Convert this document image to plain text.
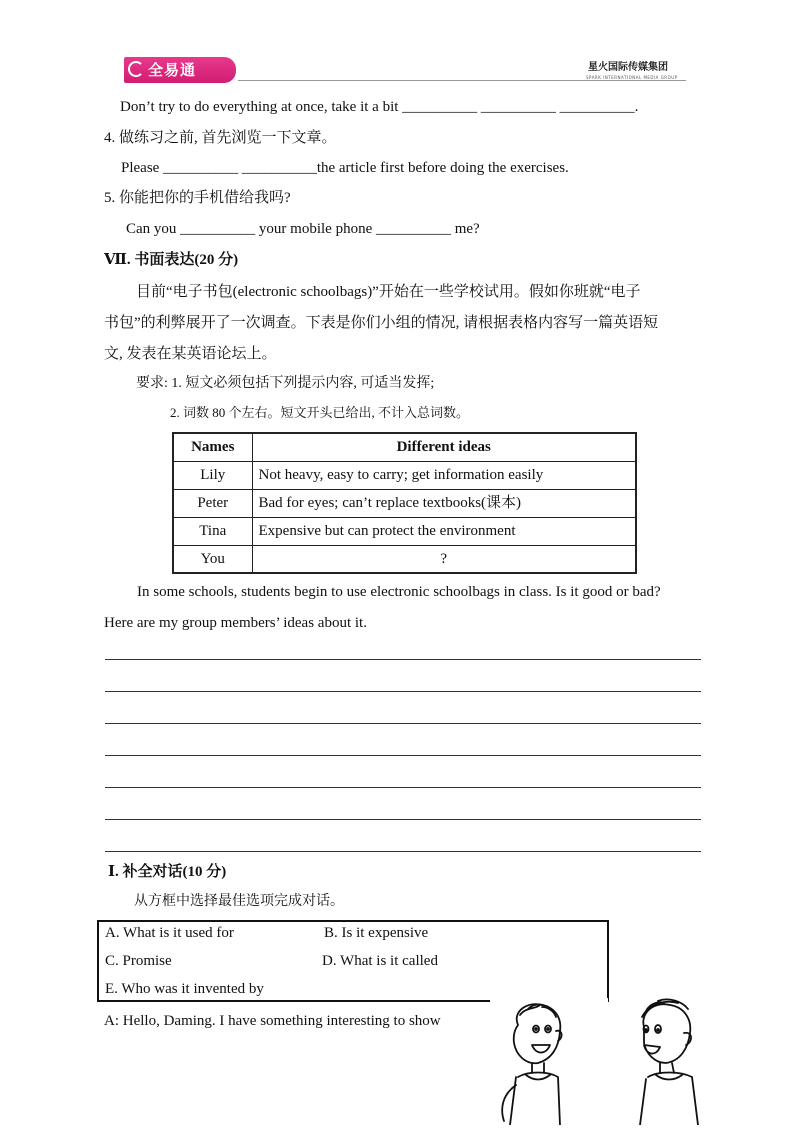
全易通	星火国际传媒集团
SPARK INTERNATIONAL MEDIA GROUP
Don’t try to do everything at once, take it a bit __________ __________ __________.
4. 做练习之前, 首先浏览一下文章。
Please __________ __________the article first before doing the exercises.
5. 你能把你的手机借给我吗?
Can you __________ your mobile phone __________ me?
Ⅶ. 书面表达(20 分)
目前“电子书包(electronic schoolbags)”开始在一些学校试用。假如你班就“电子
书包”的利弊展开了一次调查。下表是你们小组的情况, 请根据表格内容写一篇英语短
文, 发表在某英语论坛上。
要求: 1. 短文必须包括下列提示内容, 可适当发挥;
2. 词数 80 个左右。短文开头已给出, 不计入总词数。
Names	Different ideas
Lily	Not heavy, easy to carry; get information easily
Peter	Bad for eyes; can’t replace textbooks(课本)
Tina	Expensive but can protect the environment
You	?
In some schools, students begin to use electronic schoolbags in class. Is it good or bad?
Here are my group members’ ideas about it.
Ⅰ. 补全对话(10 分)
从方框中选择最佳选项完成对话。
A. What is it used for	B. Is it expensive
C. Promise	D. What is it called
E. Who was it invented by
A: Hello, Daming. I have something interesting to show
